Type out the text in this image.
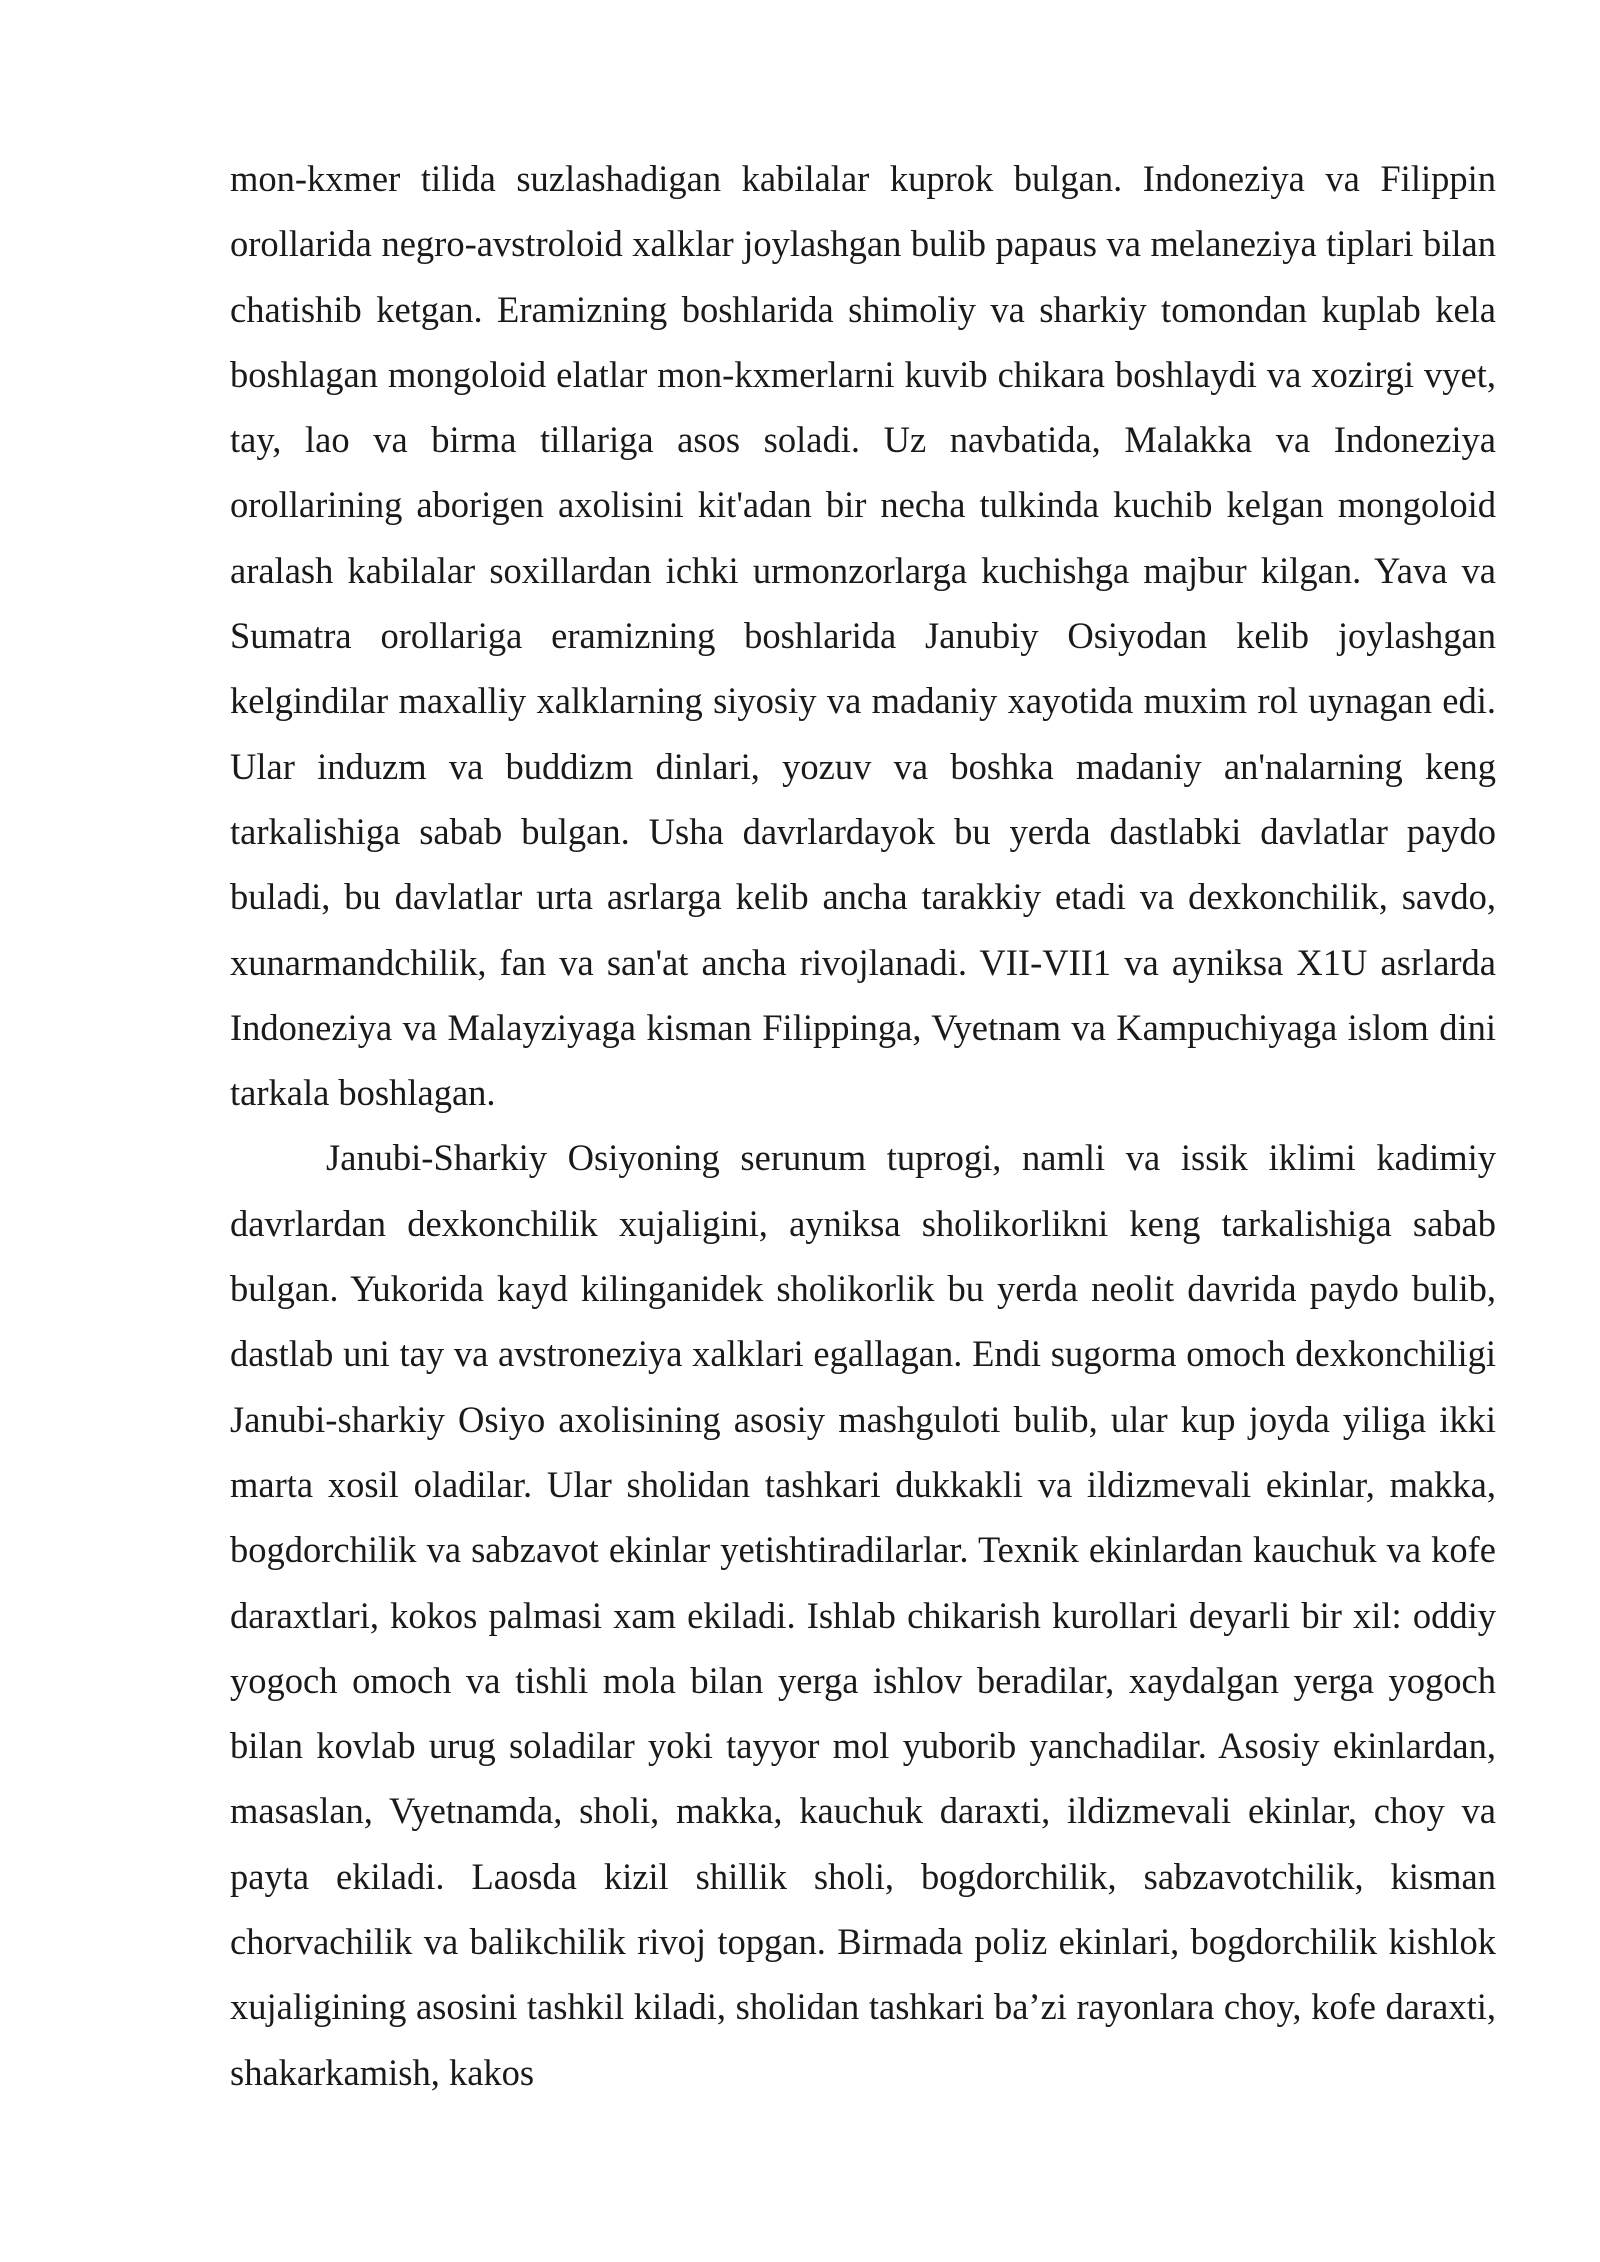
mon-kxmer tilida suzlashadigan kabilalar kuprok bulgan. Indoneziya va Filippin orollarida negro-avstroloid xalklar joylashgan bulib papaus va melaneziya tiplari bilan chatishib ketgan. Eramizning boshlarida shimoliy va sharkiy tomondan kuplab kela boshlagan mongoloid elatlar mon-kxmerlarni kuvib chikara boshlaydi va xozirgi vyet, tay, lao va birma tillariga asos soladi. Uz navbatida, Malakka va Indoneziya orollarining aborigen axolisini kit'adan bir necha tulkinda kuchib kelgan mongoloid aralash kabilalar soxillardan ichki urmonzorlarga kuchishga majbur kilgan. Yava va Sumatra orollariga eramizning boshlarida Janubiy Osiyodan kelib joylashgan kelgindilar maxalliy xalklarning siyosiy va madaniy xayotida muxim rol uynagan edi. Ular induzm va buddizm dinlari, yozuv va boshka madaniy an'nalarning keng tarkalishiga sabab bulgan. Usha davrlardayok bu yerda dastlabki davlatlar paydo buladi, bu davlatlar urta asrlarga kelib ancha tarakkiy etadi va dexkonchilik, savdo, xunarmandchilik, fan va san'at ancha rivojlanadi. VII-VII1 va ayniksa X1U asrlarda Indoneziya va Malayziyaga kisman Filippinga, Vyetnam va Kampuchiyaga islom dini tarkala boshlagan.

Janubi-Sharkiy Osiyoning serunum tuprogi, namli va issik iklimi kadimiy davrlardan dexkonchilik xujaligini, ayniksa sholikorlikni keng tarkalishiga sabab bulgan. Yukorida kayd kilinganidek sholikorlik bu yerda neolit davrida paydo bulib, dastlab uni tay va avstroneziya xalklari egallagan. Endi sugorma omoch dexkonchiligi Janubi-sharkiy Osiyo axolisining asosiy mashguloti bulib, ular kup joyda yiliga ikki marta xosil oladilar. Ular sholidan tashkari dukkakli va ildizmevali ekinlar, makka, bogdorchilik va sabzavot ekinlar yetishtiradilarlar. Texnik ekinlardan kauchuk va kofe daraxtlari, kokos palmasi xam ekiladi. Ishlab chikarish kurollari deyarli bir xil: oddiy yogoch omoch va tishli mola bilan yerga ishlov beradilar, xaydalgan yerga yogoch bilan kovlab urug soladilar yoki tayyor mol yuborib yanchadilar. Asosiy ekinlardan, masaslan, Vyetnamda, sholi, makka, kauchuk daraxti, ildizmevali ekinlar, choy va payta ekiladi. Laosda kizil shillik sholi, bogdorchilik, sabzavotchilik, kisman chorvachilik va balikchilik rivoj topgan. Birmada poliz ekinlari, bogdorchilik kishlok xujaligining asosini tashkil kiladi, sholidan tashkari ba’zi rayonlara choy, kofe daraxti, shakarkamish, kakos
